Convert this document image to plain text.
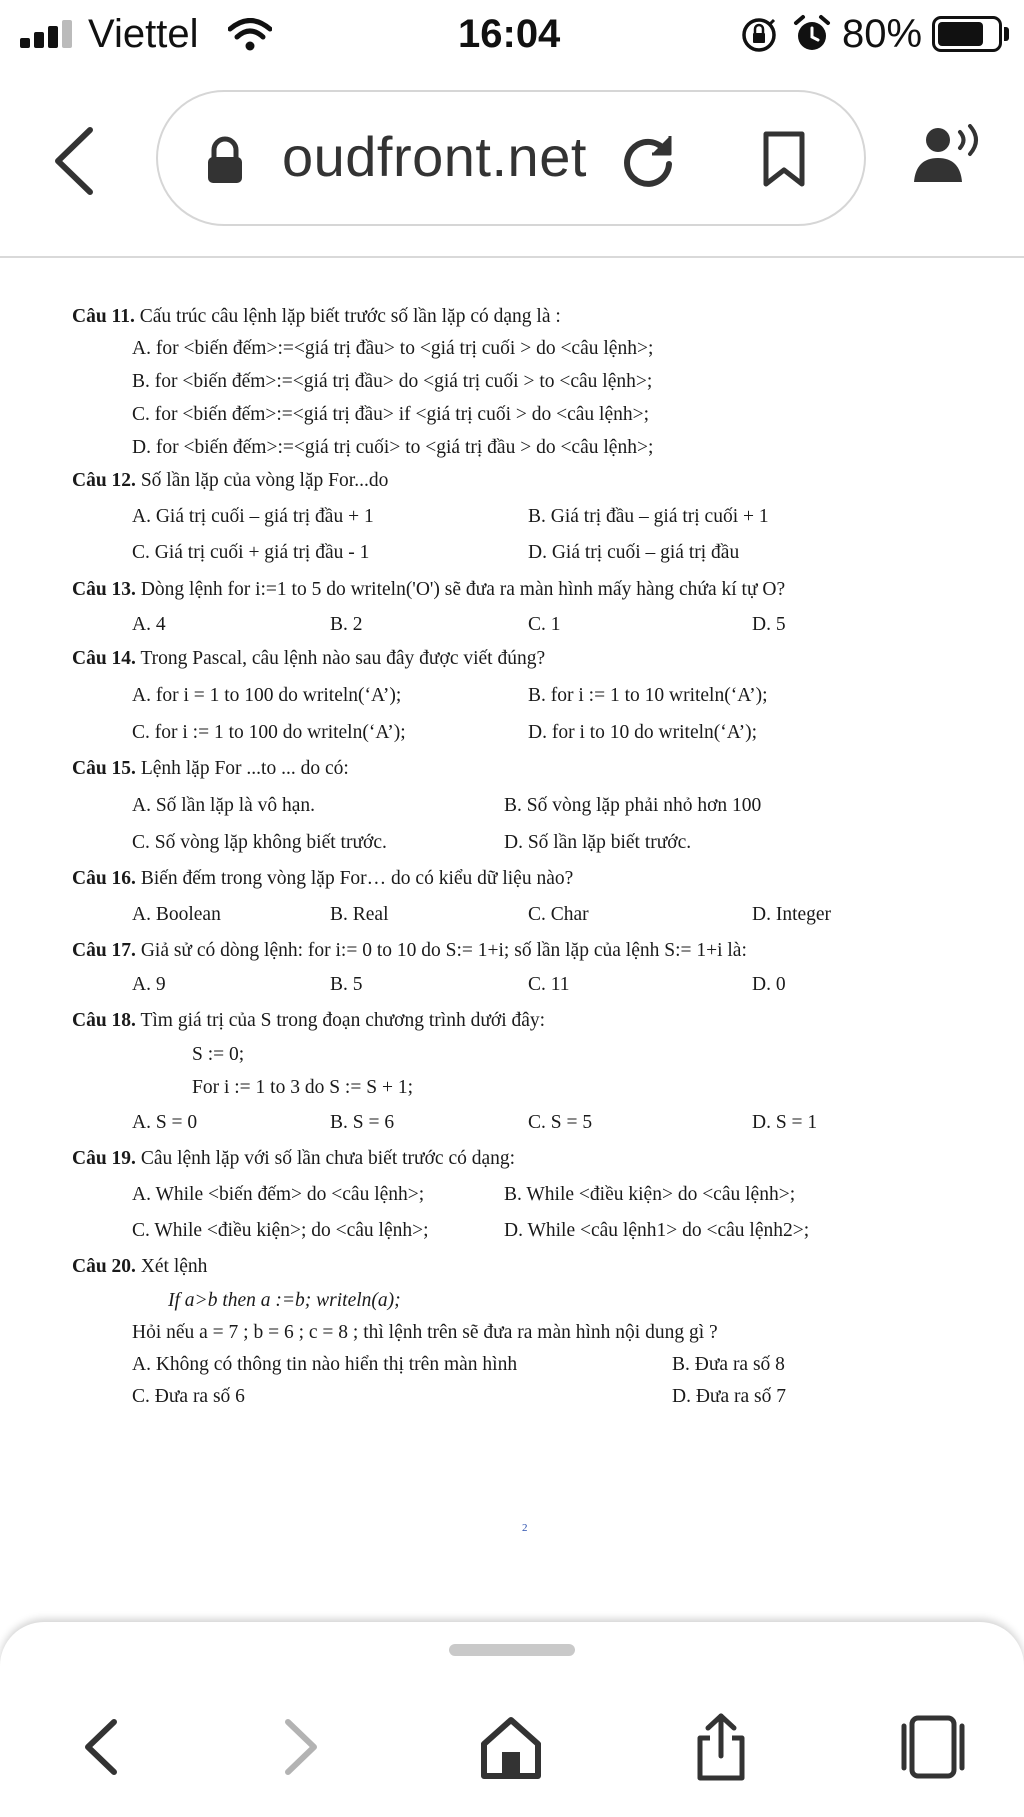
Viettel	16:04	80%
oudfront.net
Câu 11. Cấu trúc câu lệnh lặp biết trước số lần lặp có dạng là :
A. for <biến đếm>:=<giá trị đầu> to <giá trị cuối > do <câu lệnh>;
B. for <biến đếm>:=<giá trị đầu> do <giá trị cuối > to <câu lệnh>;
C. for <biến đếm>:=<giá trị đầu> if <giá trị cuối > do <câu lệnh>;
D. for <biến đếm>:=<giá trị cuối> to <giá trị đầu > do <câu lệnh>;
Câu 12. Số lần lặp của vòng lặp For...do
A. Giá trị cuối – giá trị đầu + 1	B. Giá trị đầu – giá trị cuối + 1
C. Giá trị cuối + giá trị đầu - 1	D. Giá trị cuối – giá trị đầu
Câu 13. Dòng lệnh for i:=1 to 5 do writeln('O') sẽ đưa ra màn hình mấy hàng chứa kí tự O?
A. 4	B. 2	C. 1	D. 5
Câu 14. Trong Pascal, câu lệnh nào sau đây được viết đúng?
A. for i = 1 to 100 do writeln(‘A’);	B. for i := 1 to 10 writeln(‘A’);
C. for i := 1 to 100 do writeln(‘A’);	D. for i to 10 do writeln(‘A’);
Câu 15. Lệnh lặp For ...to ... do có:
A. Số lần lặp là vô hạn.	B. Số vòng lặp phải nhỏ hơn 100
C. Số vòng lặp không biết trước.	D. Số lần lặp biết trước.
Câu 16. Biến đếm trong vòng lặp For… do có kiểu dữ liệu nào?
A. Boolean	B. Real	C. Char	D. Integer
Câu 17. Giả sử có dòng lệnh: for i:= 0 to 10 do S:= 1+i; số lần lặp của lệnh S:= 1+i là:
A. 9	B. 5	C. 11	D. 0
Câu 18. Tìm giá trị của S trong đoạn chương trình dưới đây:
S := 0;
For i := 1 to 3 do S := S + 1;
A. S = 0	B. S = 6	C. S = 5	D. S = 1
Câu 19. Câu lệnh lặp với số lần chưa biết trước có dạng:
A. While <biến đếm> do <câu lệnh>;	B. While <điều kiện> do <câu lệnh>;
C. While <điều kiện>; do <câu lệnh>;	D. While <câu lệnh1> do <câu lệnh2>;
Câu 20. Xét lệnh
If a>b then a :=b; writeln(a);
Hỏi nếu a = 7 ; b = 6 ; c = 8 ; thì lệnh trên sẽ đưa ra màn hình nội dung gì ?
A. Không có thông tin nào hiển thị trên màn hình	B. Đưa ra số 8
C. Đưa ra số 6	D. Đưa ra số 7
2
